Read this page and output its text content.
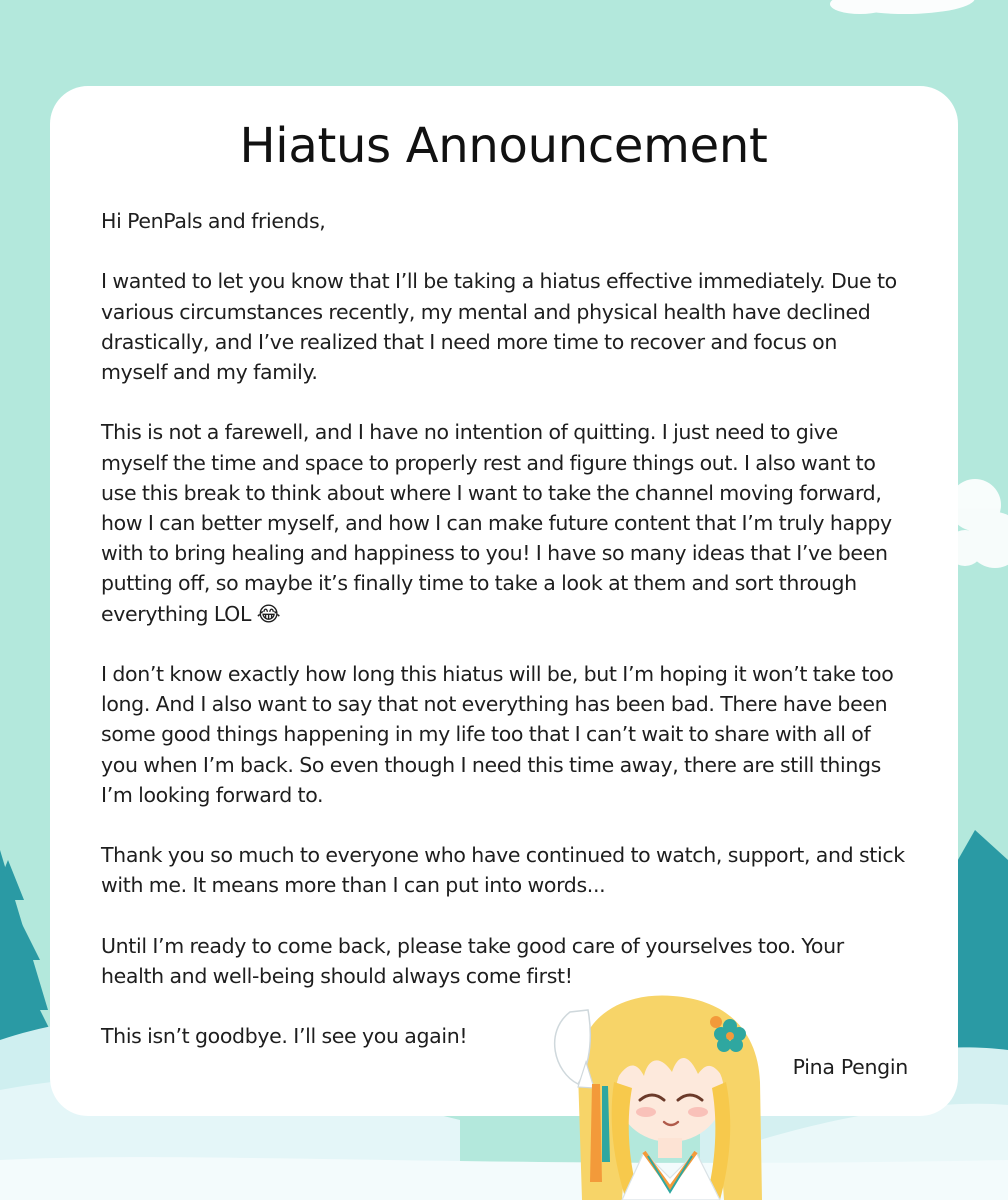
Hiatus Announcement

Hi PenPals and friends,

I wanted to let you know that I’ll be taking a hiatus effective immediately. Due to various circumstances recently, my mental and physical health have declined drastically, and I’ve realized that I need more time to recover and focus on myself and my family.

This is not a farewell, and I have no intention of quitting. I just need to give myself the time and space to properly rest and figure things out. I also want to use this break to think about where I want to take the channel moving forward, how I can better myself, and how I can make future content that I’m truly happy with to bring healing and happiness to you! I have so many ideas that I’ve been putting off, so maybe it’s finally time to take a look at them and sort through everything LOL 😂

I don’t know exactly how long this hiatus will be, but I’m hoping it won’t take too long. And I also want to say that not everything has been bad. There have been some good things happening in my life too that I can’t wait to share with all of you when I’m back. So even though I need this time away, there are still things I’m looking forward to.

Thank you so much to everyone who have continued to watch, support, and stick with me. It means more than I can put into words...

Until I’m ready to come back, please take good care of yourselves too. Your health and well-being should always come first!

This isn’t goodbye. I’ll see you again!

Pina Pengin
